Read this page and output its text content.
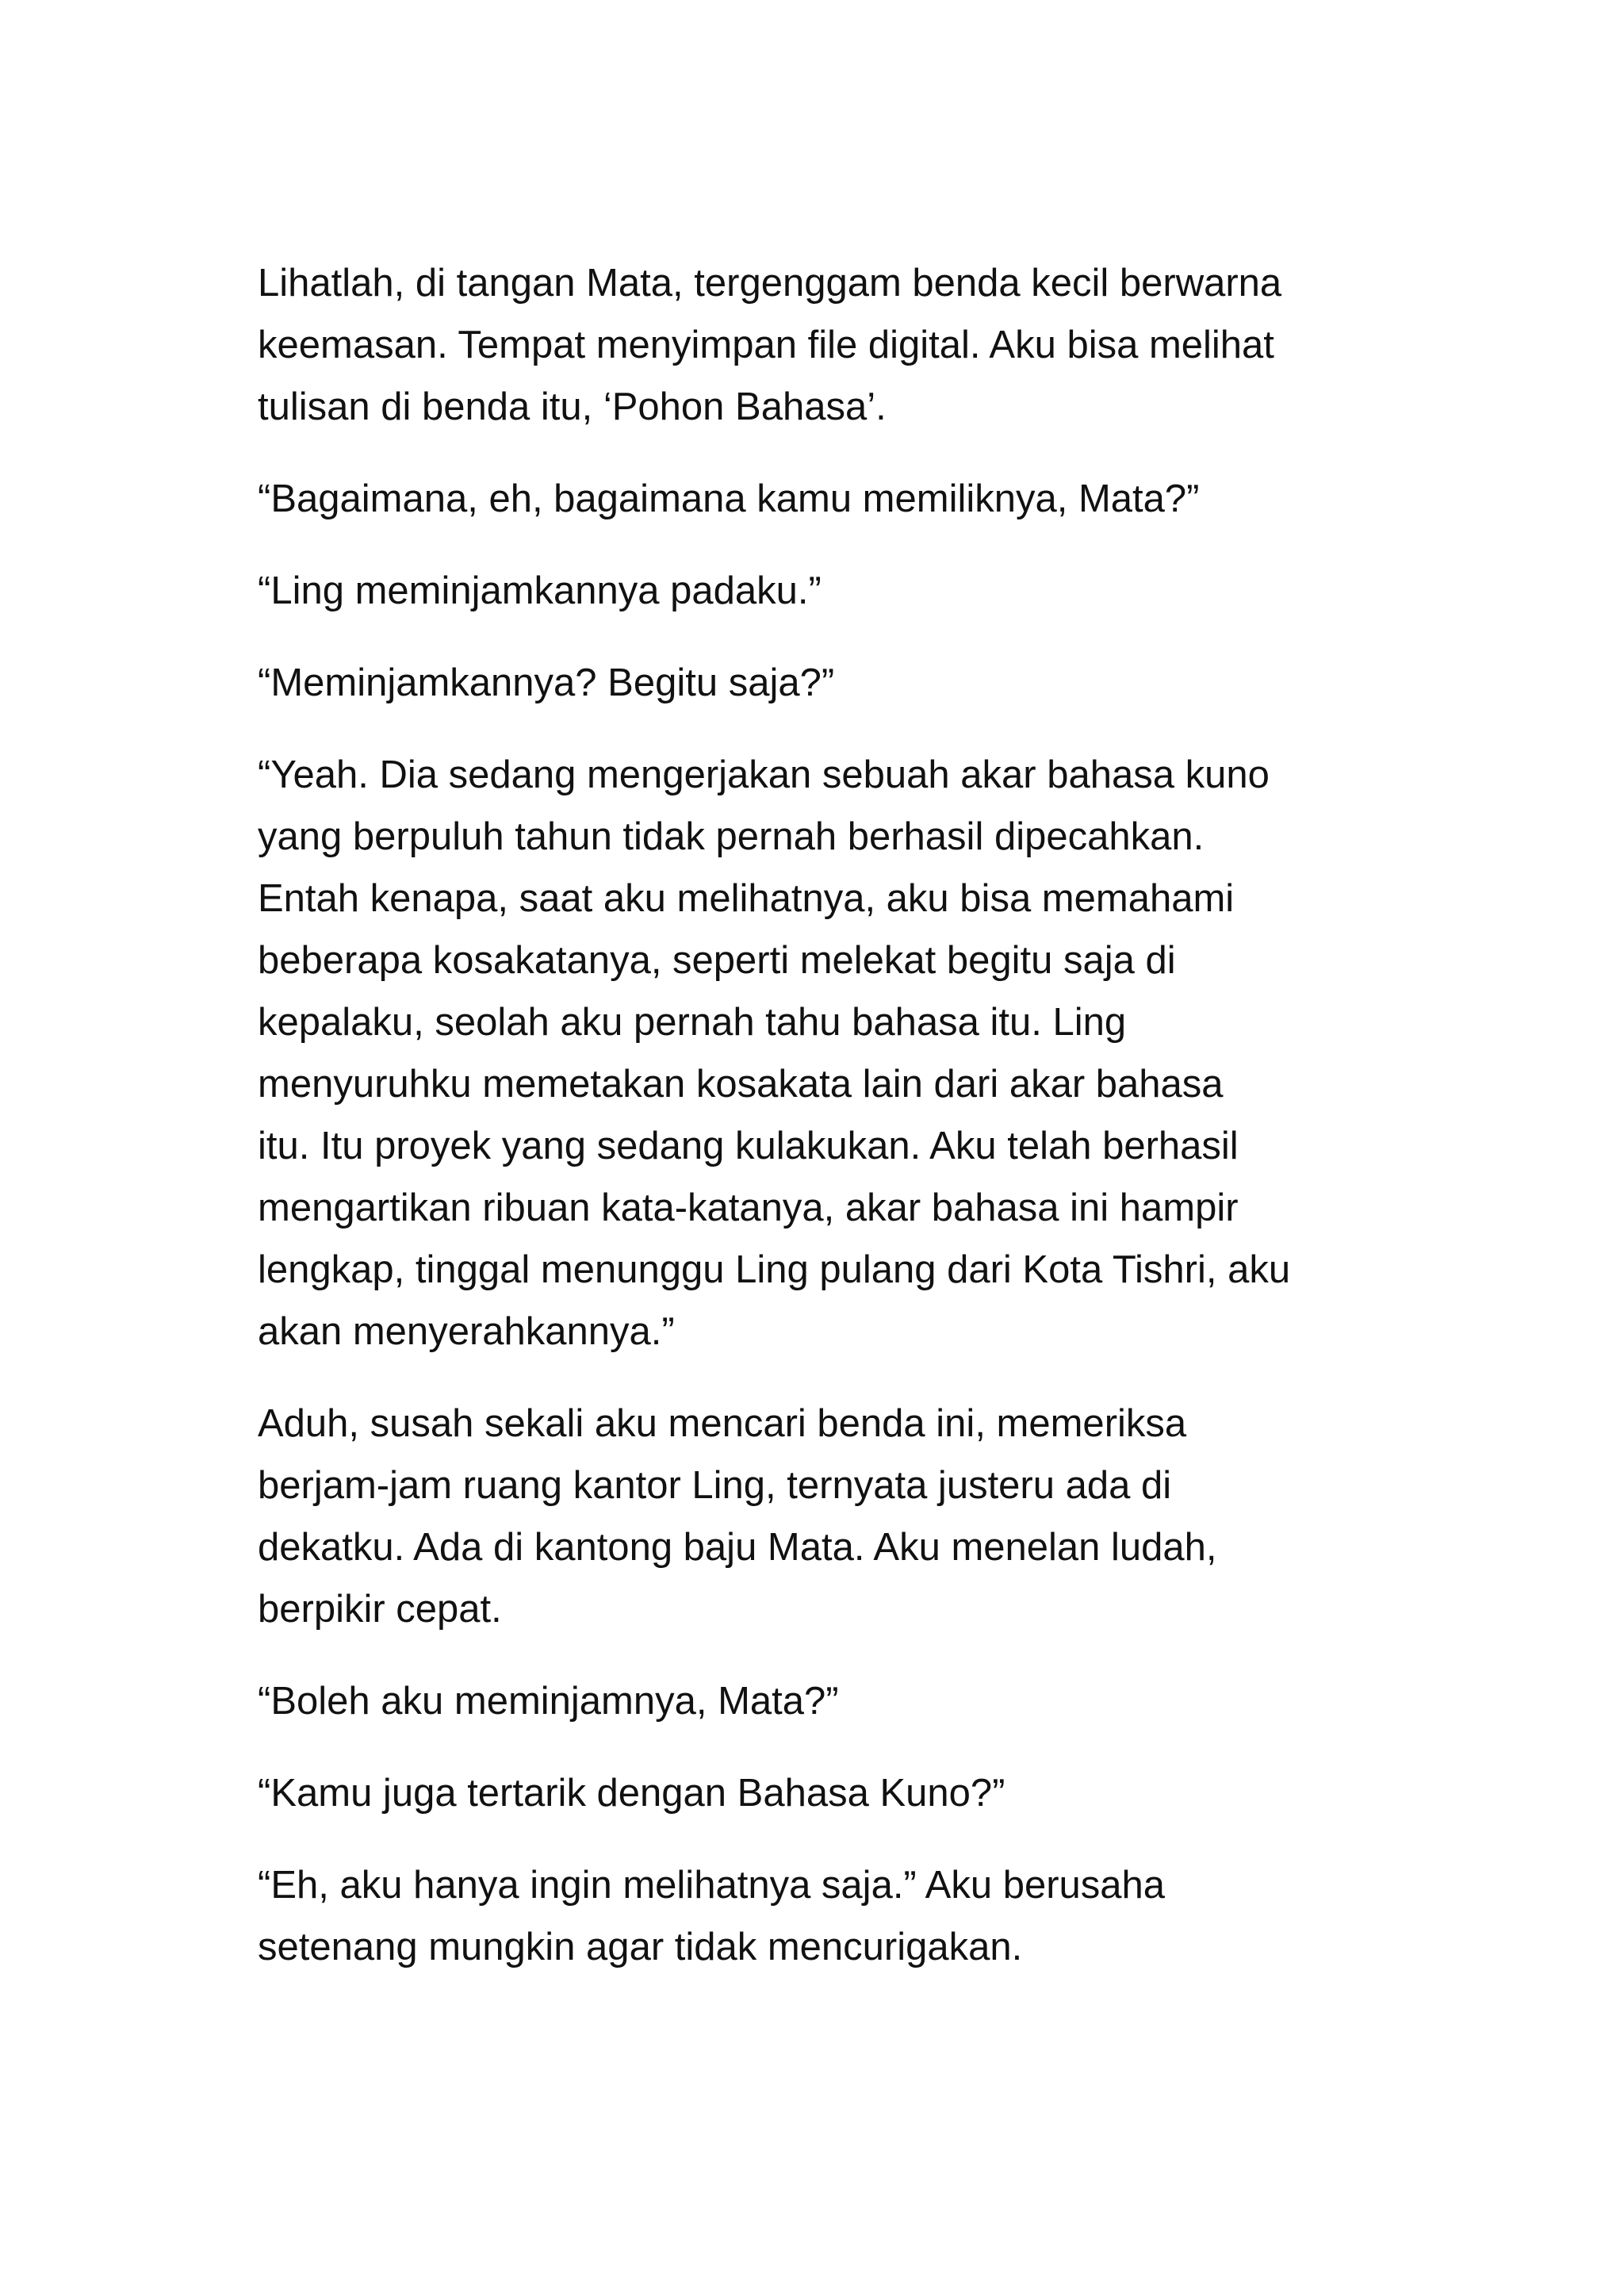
Lihatlah, di tangan Mata, tergenggam benda kecil berwarna
keemasan. Tempat menyimpan file digital. Aku bisa melihat
tulisan di benda itu, ‘Pohon Bahasa’.

“Bagaimana, eh, bagaimana kamu memiliknya, Mata?”

“Ling meminjamkannya padaku.”

“Meminjamkannya? Begitu saja?”

“Yeah. Dia sedang mengerjakan sebuah akar bahasa kuno
yang berpuluh tahun tidak pernah berhasil dipecahkan.
Entah kenapa, saat aku melihatnya, aku bisa memahami
beberapa kosakatanya, seperti melekat begitu saja di
kepalaku, seolah aku pernah tahu bahasa itu. Ling
menyuruhku memetakan kosakata lain dari akar bahasa
itu. Itu proyek yang sedang kulakukan. Aku telah berhasil
mengartikan ribuan kata-katanya, akar bahasa ini hampir
lengkap, tinggal menunggu Ling pulang dari Kota Tishri, aku
akan menyerahkannya.”

Aduh, susah sekali aku mencari benda ini, memeriksa
berjam-jam ruang kantor Ling, ternyata justeru ada di
dekatku. Ada di kantong baju Mata. Aku menelan ludah,
berpikir cepat.

“Boleh aku meminjamnya, Mata?”

“Kamu juga tertarik dengan Bahasa Kuno?”

“Eh, aku hanya ingin melihatnya saja.” Aku berusaha
setenang mungkin agar tidak mencurigakan.
